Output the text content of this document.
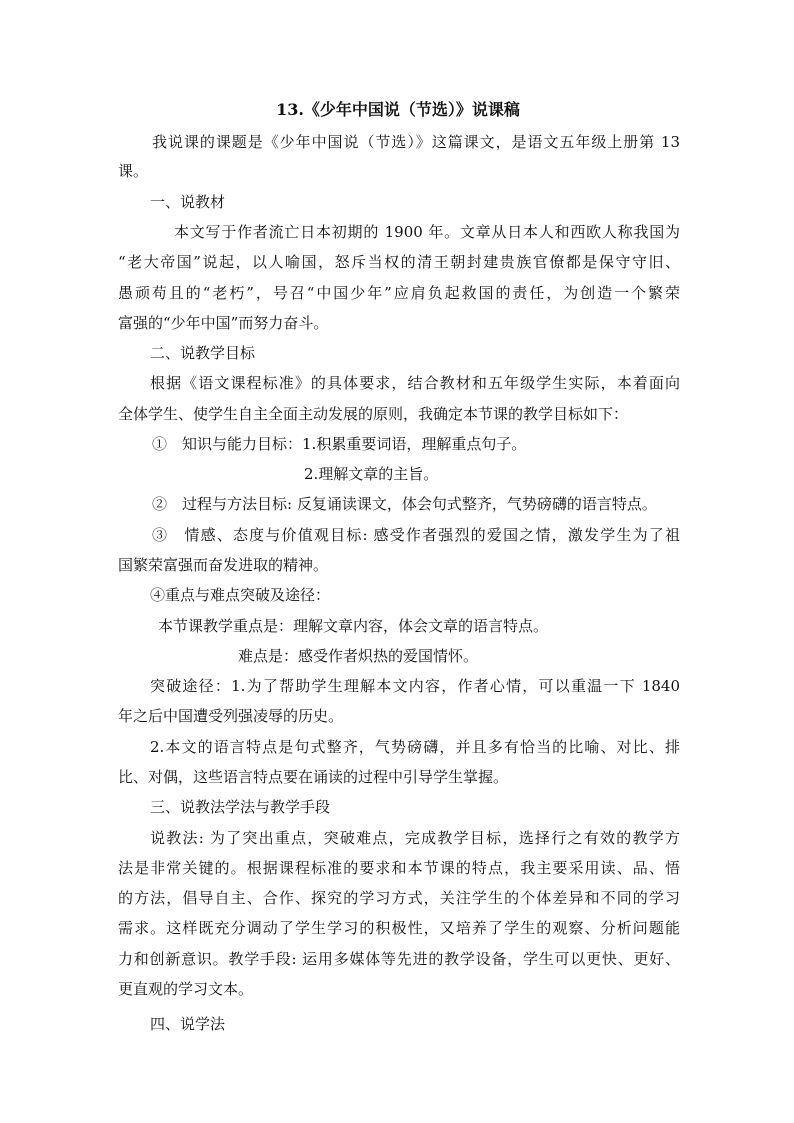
13.《少年中国说（节选）》说课稿
我说课的课题是《少年中国说（节选）》这篇课文，是语文五年级上册第 13
课。
一、说教材
本文写于作者流亡日本初期的 1900 年。文章从日本人和西欧人称我国为
“老大帝国”说起，以人喻国，怒斥当权的清王朝封建贵族官僚都是保守守旧、
愚顽苟且的“老朽”，号召“中国少年”应肩负起救国的责任，为创造一个繁荣
富强的“少年中国”而努力奋斗。
二、说教学目标
根据《语文课程标准》的具体要求，结合教材和五年级学生实际，本着面向
全体学生、使学生自主全面主动发展的原则，我确定本节课的教学目标如下：
①　知识与能力目标：1.积累重要词语，理解重点句子。
2.理解文章的主旨。
②　过程与方法目标: 反复诵读课文，体会句式整齐，气势磅礴的语言特点。
③　情感、态度与价值观目标: 感受作者强烈的爱国之情，激发学生为了祖
国繁荣富强而奋发进取的精神。
④重点与难点突破及途径：
本节课教学重点是：理解文章内容，体会文章的语言特点。
难点是：感受作者炽热的爱国情怀。
突破途径：1.为了帮助学生理解本文内容，作者心情，可以重温一下 1840
年之后中国遭受列强凌辱的历史。
2.本文的语言特点是句式整齐，气势磅礴，并且多有恰当的比喻、对比、排
比、对偶，这些语言特点要在诵读的过程中引导学生掌握。
三、说教法学法与教学手段
说教法: 为了突出重点，突破难点，完成教学目标，选择行之有效的教学方
法是非常关键的。根据课程标准的要求和本节课的特点，我主要采用读、品、悟
的方法，倡导自主、合作、探究的学习方式，关注学生的个体差异和不同的学习
需求。这样既充分调动了学生学习的积极性，又培养了学生的观察、分析问题能
力和创新意识。教学手段: 运用多媒体等先进的教学设备，学生可以更快、更好、
更直观的学习文本。
四、说学法
